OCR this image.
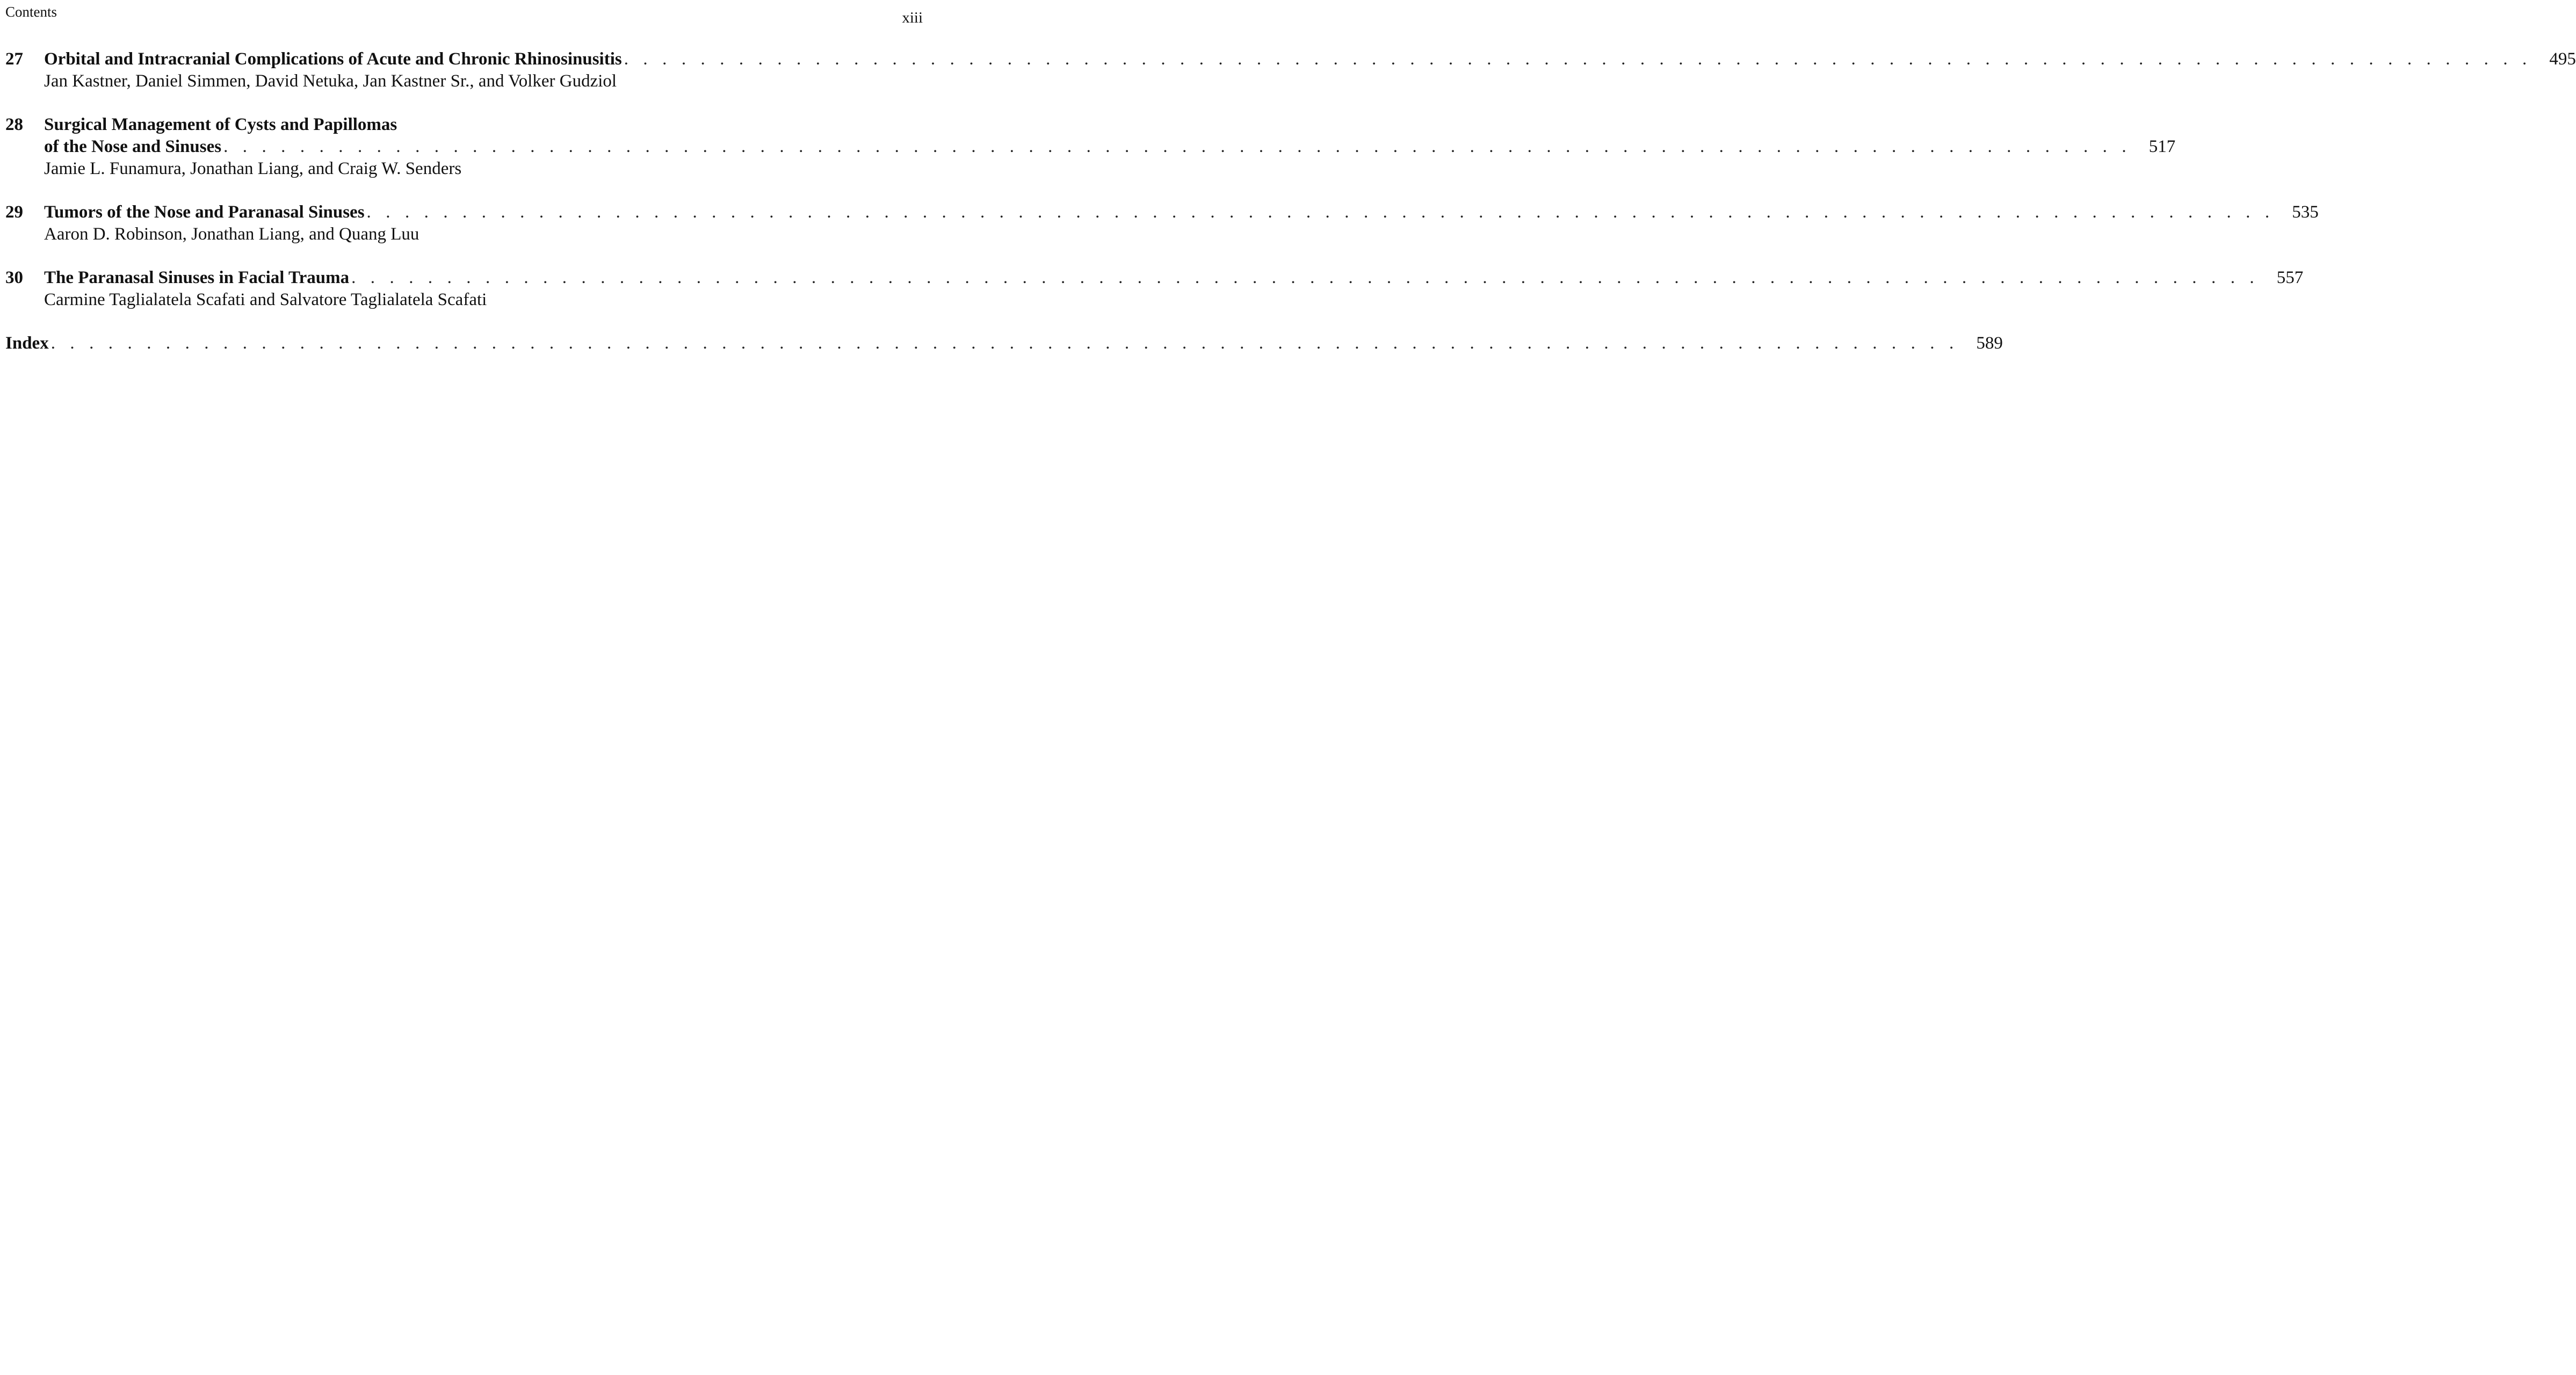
Contents	xiii
27	Orbital and Intracranial Complications of Acute and Chronic Rhinosinusitis . . . . . . . . . . . . . . . . . . . . . . . . . . . . . . . . . . . . . . . . . . . . . . . . . . . . . . . . . . . . . . . . . . . . . . . . . . . . . . . . . . . . . . . . . . . . . . . . . . . . 495
Jan Kastner, Daniel Simmen, David Netuka, Jan Kastner Sr., and Volker Gudziol
28	Surgical Management of Cysts and Papillomas
of the Nose and Sinuses . . . . . . . . . . . . . . . . . . . . . . . . . . . . . . . . . . . . . . . . . . . . . . . . . . . . . . . . . . . . . . . . . . . . . . . . . . . . . . . . . . . . . . . . . . . . . . . . . . . . 517
Jamie L. Funamura, Jonathan Liang, and Craig W. Senders
29	Tumors of the Nose and Paranasal Sinuses . . . . . . . . . . . . . . . . . . . . . . . . . . . . . . . . . . . . . . . . . . . . . . . . . . . . . . . . . . . . . . . . . . . . . . . . . . . . . . . . . . . . . . . . . . . . . . . . . . . . 535
Aaron D. Robinson, Jonathan Liang, and Quang Luu
30	The Paranasal Sinuses in Facial Trauma . . . . . . . . . . . . . . . . . . . . . . . . . . . . . . . . . . . . . . . . . . . . . . . . . . . . . . . . . . . . . . . . . . . . . . . . . . . . . . . . . . . . . . . . . . . . . . . . . . . . 557
Carmine Taglialatela Scafati and Salvatore Taglialatela Scafati
Index . . . . . . . . . . . . . . . . . . . . . . . . . . . . . . . . . . . . . . . . . . . . . . . . . . . . . . . . . . . . . . . . . . . . . . . . . . . . . . . . . . . . . . . . . . . . . . . . . . . . 589
